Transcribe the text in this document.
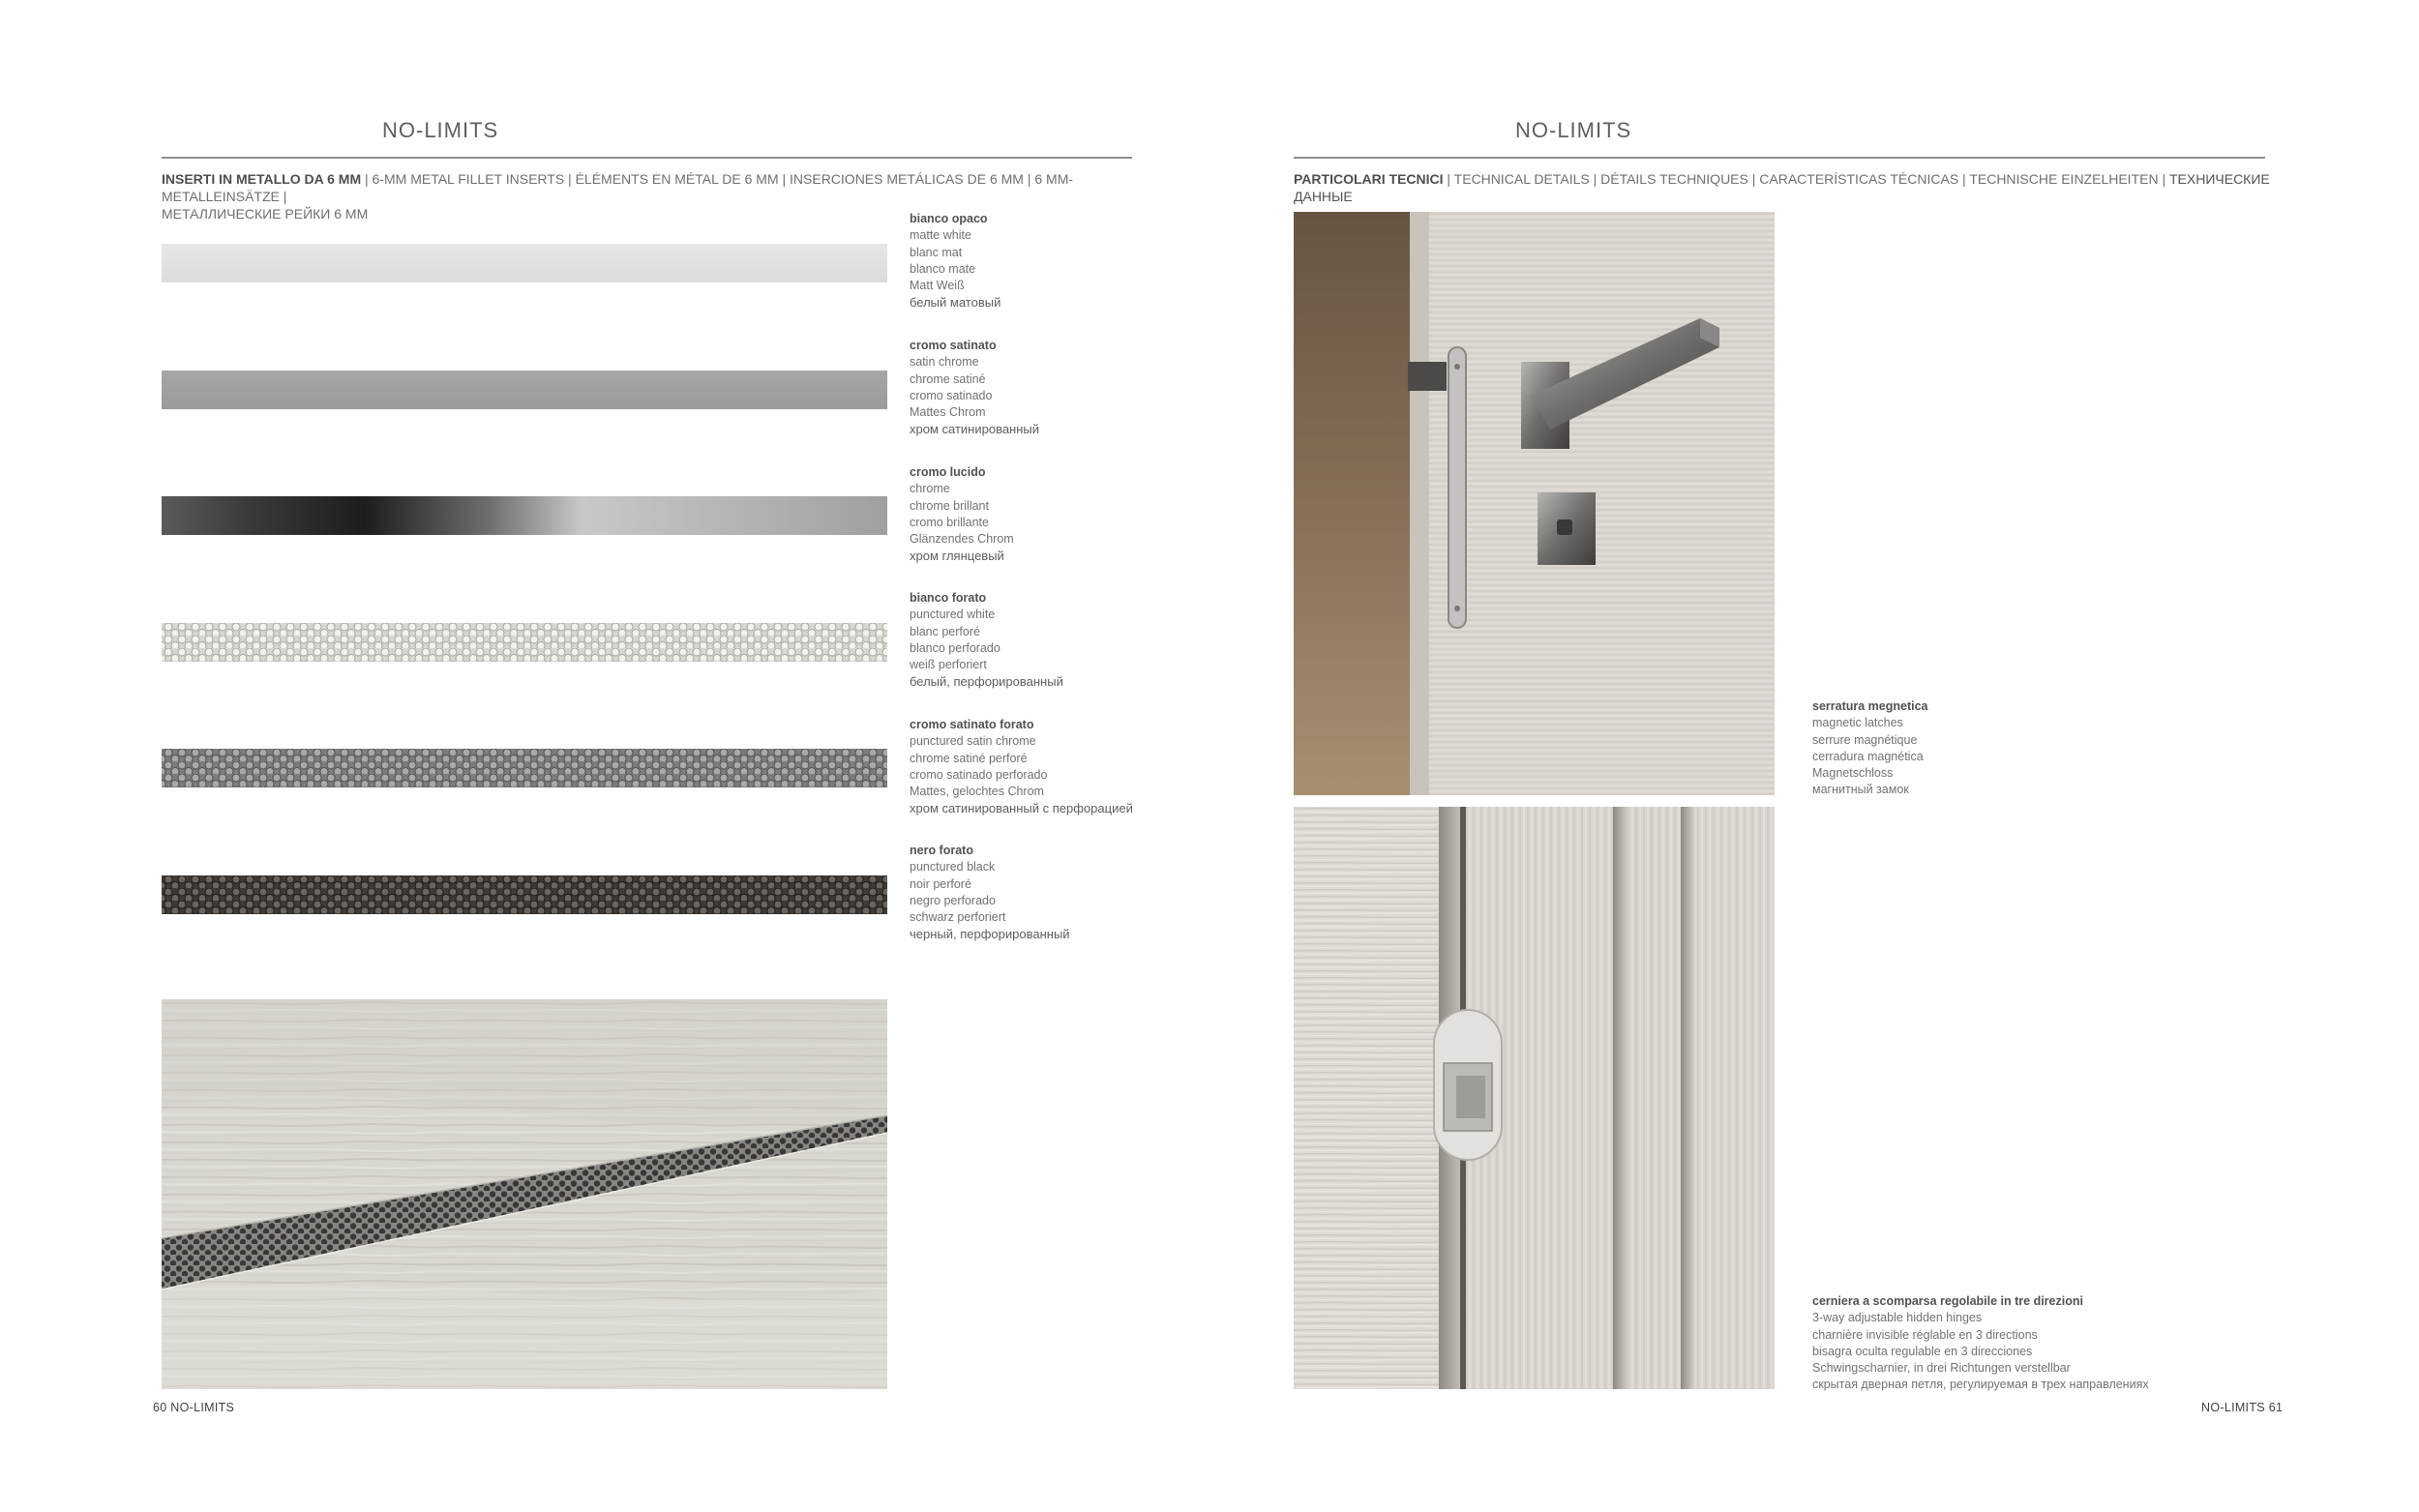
NO-LIMITS
INSERTI IN METALLO DA 6 MM | 6-MM METAL FILLET INSERTS | ÉLÉMENTS EN MÉTAL DE 6 MM | INSERCIONES METÁLICAS DE 6 MM | 6 MM-METALLEINSÄTZE |
МЕТАЛЛИЧЕСКИЕ РЕЙКИ 6 ММ	bianco opaco
matte white
blanc mat
blanco mate
Matt Weiß
белый матовый
cromo satinato
satin chrome
chrome satiné
cromo satinado
Mattes Chrom
хром сатинированный
cromo lucido
chrome
chrome brillant
cromo brillante
Glänzendes Chrom
хром глянцевый
bianco forato
punctured white
blanc perforé
blanco perforado
weiß perforiert
белый, перфорированный
cromo satinato forato
punctured satin chrome
chrome satiné perforé
cromo satinado perforado
Mattes, gelochtes Chrom
хром сатинированный с перфорацией
nero forato
punctured black
noir perforé
negro perforado
schwarz perforiert
черный, перфорированный
60 NO-LIMITS
NO-LIMITS
PARTICOLARI TECNICI | TECHNICAL DETAILS | DÉTAILS TECHNIQUES | CARACTERÍSTICAS TÉCNICAS | TECHNISCHE EINZELHEITEN | ТЕХНИЧЕСКИЕ ДАННЫЕ
serratura megnetica
magnetic latches
serrure magnétique
cerradura magnética
Magnetschloss
магнитный замок
cerniera a scomparsa regolabile in tre direzioni
3-way adjustable hidden hinges
charnière invisible réglable en 3 directions
bisagra oculta regulable en 3 direcciones
Schwingscharnier, in drei Richtungen verstellbar
скрытая дверная петля, регулируемая в трех направлениях
NO-LIMITS 61
